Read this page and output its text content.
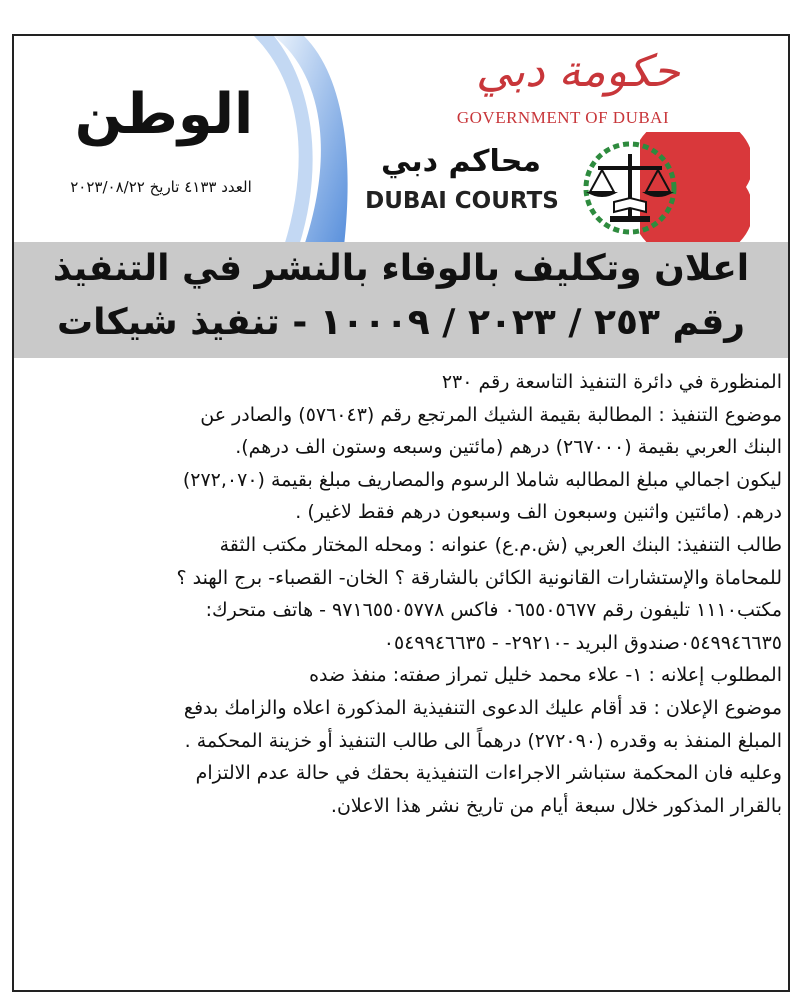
الوطن
العدد ٤١٣٣ تاريخ ٢٠٢٣/٠٨/٢٢
حكومة دبي
GOVERNMENT OF DUBAI
محاكم دبي
DUBAI COURTS
اعلان وتكليف بالوفاء بالنشر في التنفيذ
رقم ٢٥٣ / ٢٠٢٣ / ١٠٠٠٩ - تنفيذ شيكات

المنظورة في دائرة التنفيذ التاسعة رقم ٢٣٠

موضوع التنفيذ : المطالبة بقيمة الشيك المرتجع رقم (٥٧٦٠٤٣) والصادر عن

البنك العربي بقيمة (٢٦٧٠٠٠) درهم (مائتين وسبعه وستون الف درهم).

ليكون اجمالي مبلغ المطالبه شاملا الرسوم والمصاريف مبلغ بقيمة (٢٧٢,٠٧٠)

درهم. (مائتين واثنين وسبعون الف وسبعون درهم فقط لاغير) .

طالب التنفيذ: البنك العربي (ش.م.ع) عنوانه : ومحله المختار مكتب الثقة

للمحاماة والإستشارات القانونية الكائن بالشارقة ؟ الخان- القصباء- برج الهند ؟

مكتب١١١٠ تليفون رقم ٠٦٥٥٠٥٦٧٧ فاكس ٩٧١٦٥٥٠٥٧٧٨ - هاتف متحرك:

٠٥٤٩٩٤٦٦٣٥صندوق البريد -٢٩٢١٠- - ٠٥٤٩٩٤٦٦٣٥

المطلوب إعلانه : ١- علاء محمد خليل تمراز صفته: منفذ ضده

موضوع الإعلان : قد أقام عليك الدعوى التنفيذية المذكورة اعلاه والزامك بدفع

المبلغ المنفذ به وقدره (٢٧٢٠٩٠) درهماً الى طالب التنفيذ أو خزينة المحكمة .

وعليه فان المحكمة ستباشر الاجراءات التنفيذية بحقك في حالة عدم الالتزام

بالقرار المذكور خلال سبعة أيام من تاريخ نشر هذا الاعلان.
